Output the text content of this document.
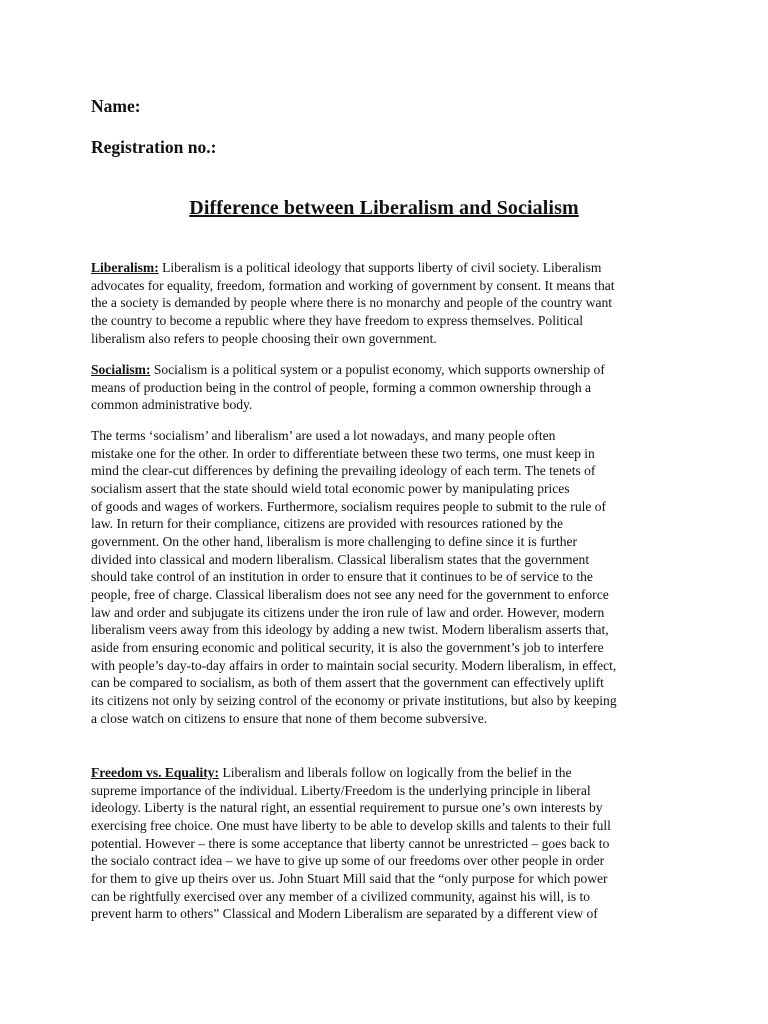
Name:
Registration no.:
Difference between Liberalism and Socialism

Liberalism: Liberalism is a political ideology that supports liberty of civil society. Liberalism
advocates for equality, freedom, formation and working of government by consent. It means that
the a society is demanded by people where there is no monarchy and people of the country want
the country to become a republic where they have freedom to express themselves. Political
liberalism also refers to people choosing their own government.

Socialism: Socialism is a political system or a populist economy, which supports ownership of
means of production being in the control of people, forming a common ownership through a
common administrative body.

The terms ‘socialism’ and liberalism’ are used a lot nowadays, and many people often
mistake one for the other. In order to differentiate between these two terms, one must keep in
mind the clear-cut differences by defining the prevailing ideology of each term. The tenets of
socialism assert that the state should wield total economic power by manipulating prices
of goods and wages of workers. Furthermore, socialism requires people to submit to the rule of
law. In return for their compliance, citizens are provided with resources rationed by the
government. On the other hand, liberalism is more challenging to define since it is further
divided into classical and modern liberalism. Classical liberalism states that the government
should take control of an institution in order to ensure that it continues to be of service to the
people, free of charge. Classical liberalism does not see any need for the government to enforce
law and order and subjugate its citizens under the iron rule of law and order. However, modern
liberalism veers away from this ideology by adding a new twist. Modern liberalism asserts that,
aside from ensuring economic and political security, it is also the government’s job to interfere
with people’s day-to-day affairs in order to maintain social security. Modern liberalism, in effect,
can be compared to socialism, as both of them assert that the government can effectively uplift
its citizens not only by seizing control of the economy or private institutions, but also by keeping
a close watch on citizens to ensure that none of them become subversive.

Freedom vs. Equality: Liberalism and liberals follow on logically from the belief in the
supreme importance of the individual. Liberty/Freedom is the underlying principle in liberal
ideology. Liberty is the natural right, an essential requirement to pursue one’s own interests by
exercising free choice. One must have liberty to be able to develop skills and talents to their full
potential. However – there is some acceptance that liberty cannot be unrestricted – goes back to
the socialo contract idea – we have to give up some of our freedoms over other people in order
for them to give up theirs over us. John Stuart Mill said that the “only purpose for which power
can be rightfully exercised over any member of a civilized community, against his will, is to
prevent harm to others” Classical and Modern Liberalism are separated by a different view of
